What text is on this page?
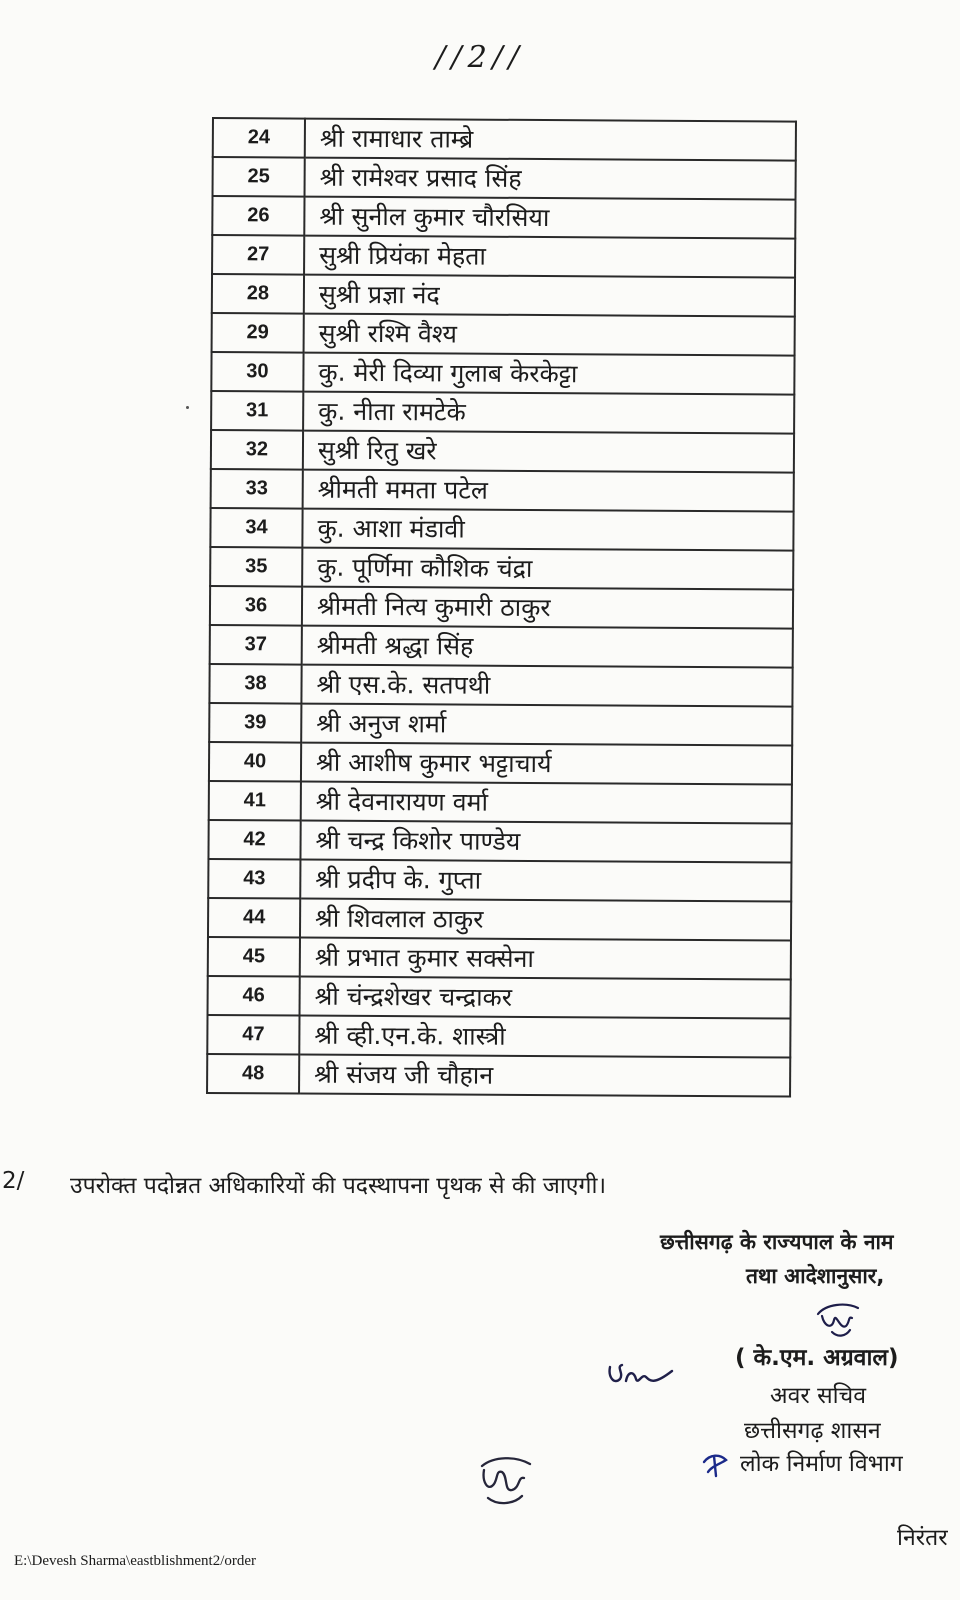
//2//
24	श्री रामाधार ताम्ब्रे
25	श्री रामेश्वर प्रसाद सिंह
26	श्री सुनील कुमार चौरसिया
27	सुश्री प्रियंका मेहता
28	सुश्री प्रज्ञा नंद
29	सुश्री रश्मि वैश्य
30	कु. मेरी दिव्या गुलाब केरकेट्टा
31	कु. नीता रामटेके
32	सुश्री रितु खरे
33	श्रीमती ममता पटेल
34	कु. आशा मंडावी
35	कु. पूर्णिमा कौशिक चंद्रा
36	श्रीमती नित्य कुमारी ठाकुर
37	श्रीमती श्रद्धा सिंह
38	श्री एस.के. सतपथी
39	श्री अनुज शर्मा
40	श्री आशीष कुमार भट्टाचार्य
41	श्री देवनारायण वर्मा
42	श्री चन्द्र किशोर पाण्डेय
43	श्री प्रदीप के. गुप्ता
44	श्री शिवलाल ठाकुर
45	श्री प्रभात कुमार सक्सेना
46	श्री चंन्द्रशेखर चन्द्राकर
47	श्री व्ही.एन.के. शास्त्री
48	श्री संजय जी चौहान
2/ उपरोक्त पदोन्नत अधिकारियों की पदस्थापना पृथक से की जाएगी।
छत्तीसगढ़ के राज्यपाल के नाम
तथा आदेशानुसार,
( के.एम. अग्रवाल)
अवर सचिव
छत्तीसगढ़ शासन
लोक निर्माण विभाग
निरंतर
E:\Devesh Sharma\eastblishment2/order
